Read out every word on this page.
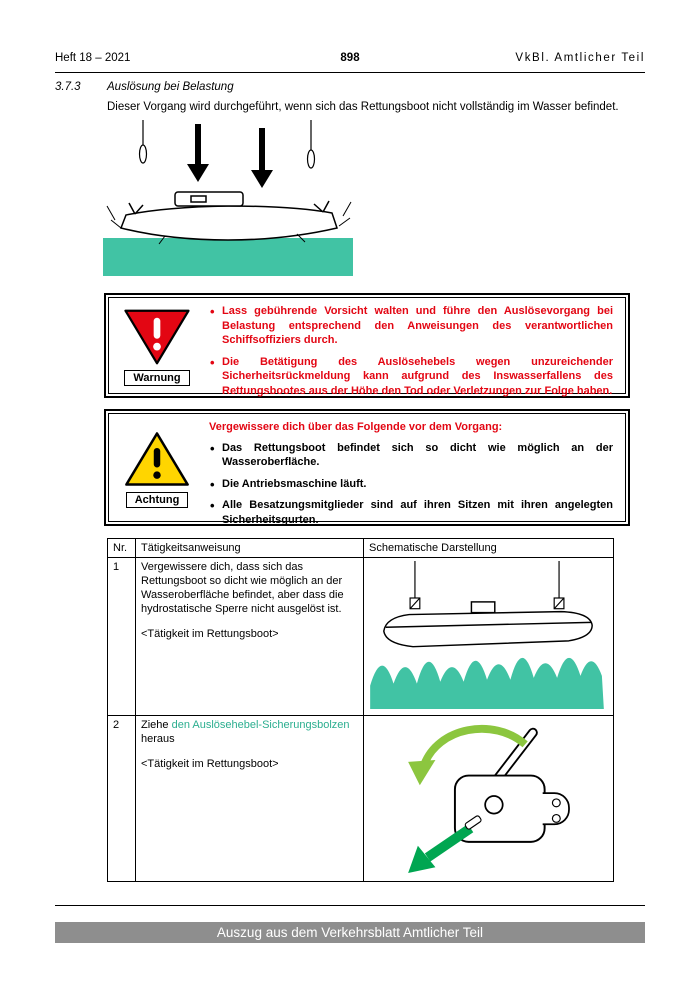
Heft 18 – 2021	898	VkBl. Amtlicher Teil
3.7.3 Auslösung bei Belastung

Dieser Vorgang wird durchgeführt, wenn sich das Rettungsboot nicht vollständig im Wasser befindet.

Warnung
• Lass gebührende Vorsicht walten und führe den Auslösevorgang bei Belastung entsprechend den Anweisungen des verantwortlichen Schiffsoffiziers durch.
• Die Betätigung des Auslösehebels wegen unzureichender Sicherheitsrückmeldung kann aufgrund des Inswasserfallens des Rettungsbootes aus der Höhe den Tod oder Verletzungen zur Folge haben.
Achtung

Vergewissere dich über das Folgende vor dem Vorgang:

• Das Rettungsboot befindet sich so dicht wie möglich an der Wasseroberfläche.
• Die Antriebsmaschine läuft.
• Alle Besatzungsmitglieder sind auf ihren Sitzen mit ihren angelegten Sicherheitsgurten.
Nr.	Tätigkeitsanweisung	Schematische Darstellung
1	Vergewissere dich, dass sich das Rettungsboot so dicht wie möglich an der Wasseroberfläche befindet, aber dass die hydrostatische Sperre nicht ausgelöst ist.

<Tätigkeit im Rettungsboot>

2	Ziehe den Auslösehebel-Sicherungsbolzen heraus

<Tätigkeit im Rettungsboot>

Auszug aus dem Verkehrsblatt Amtlicher Teil
